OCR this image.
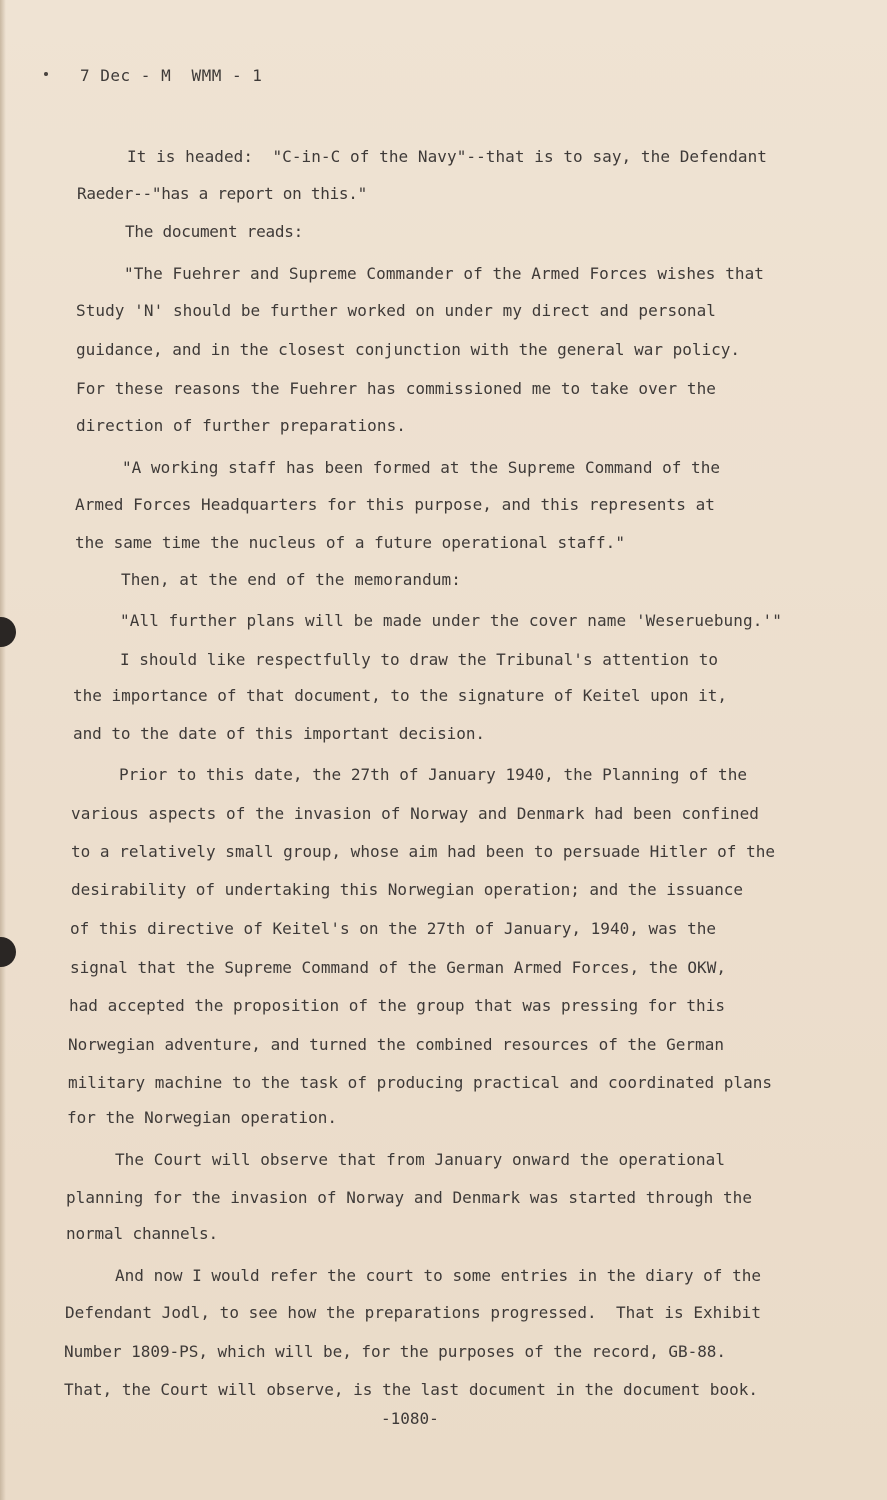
7 Dec - M  WMM - 1
It is headed:  "C-in-C of the Navy"--that is to say, the Defendant
Raeder--"has a report on this."
The document reads:
"The Fuehrer and Supreme Commander of the Armed Forces wishes that
Study 'N' should be further worked on under my direct and personal
guidance, and in the closest conjunction with the general war policy.
For these reasons the Fuehrer has commissioned me to take over the
direction of further preparations.
"A working staff has been formed at the Supreme Command of the
Armed Forces Headquarters for this purpose, and this represents at
the same time the nucleus of a future operational staff."
Then, at the end of the memorandum:
"All further plans will be made under the cover name 'Weseruebung.'"
I should like respectfully to draw the Tribunal's attention to
the importance of that document, to the signature of Keitel upon it,
and to the date of this important decision.
Prior to this date, the 27th of January 1940, the Planning of the
various aspects of the invasion of Norway and Denmark had been confined
to a relatively small group, whose aim had been to persuade Hitler of the
desirability of undertaking this Norwegian operation; and the issuance
of this directive of Keitel's on the 27th of January, 1940, was the
signal that the Supreme Command of the German Armed Forces, the OKW,
had accepted the proposition of the group that was pressing for this
Norwegian adventure, and turned the combined resources of the German
military machine to the task of producing practical and coordinated plans
for the Norwegian operation.
The Court will observe that from January onward the operational
planning for the invasion of Norway and Denmark was started through the
normal channels.
And now I would refer the court to some entries in the diary of the
Defendant Jodl, to see how the preparations progressed.  That is Exhibit
Number 1809-PS, which will be, for the purposes of the record, GB-88.
That, the Court will observe, is the last document in the document book.
-1080-
